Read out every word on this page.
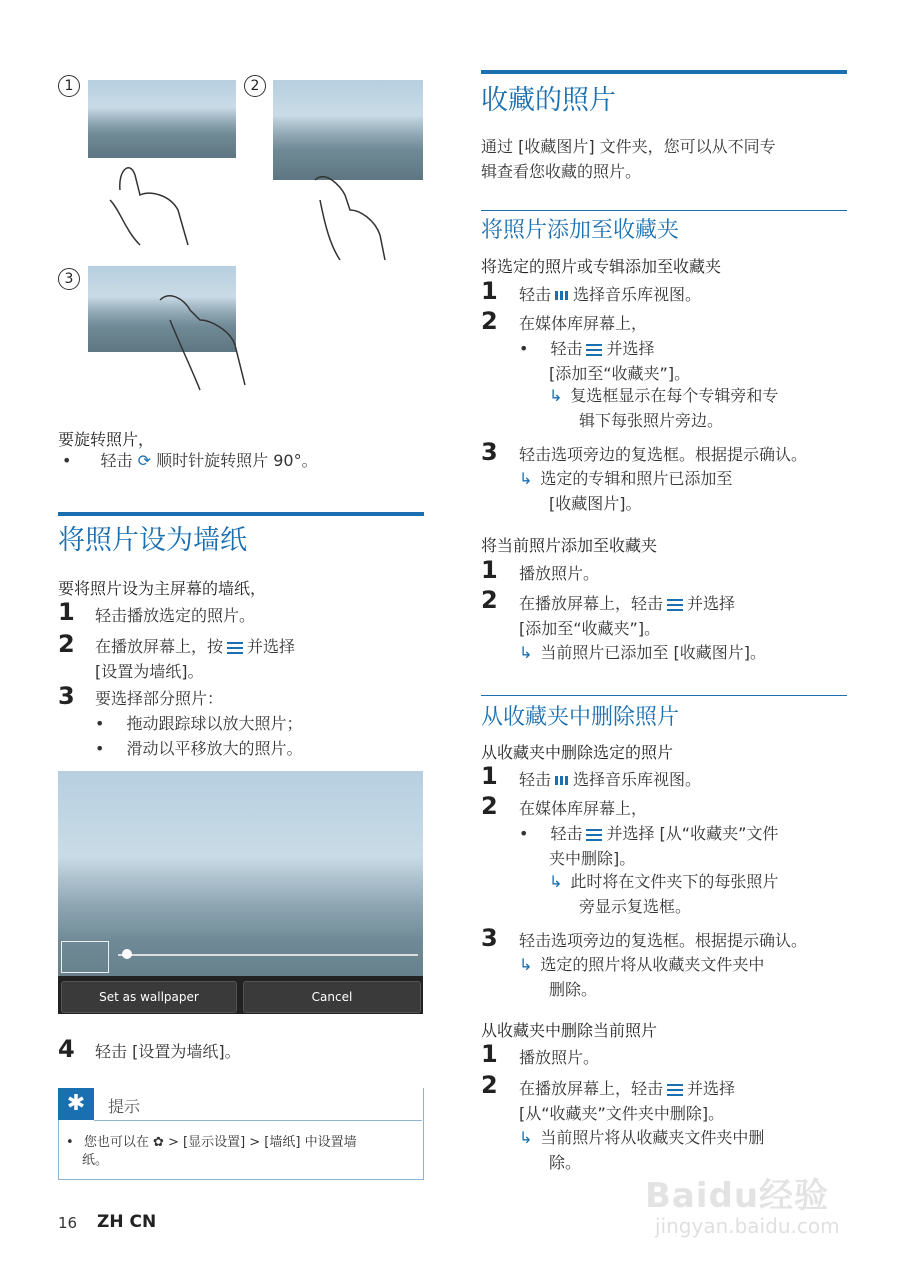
1	2
3
要旋转照片，
• 轻击 ⟳ 顺时针旋转照片 90°。
将照片设为墙纸
要将照片设为主屏幕的墙纸，
1 轻击播放选定的照片。
2 在播放屏幕上，按 并选择
[设置为墙纸]。
3 要选择部分照片：
• 拖动跟踪球以放大照片；
• 滑动以平移放大的照片。
Set as wallpaper	Cancel
4 轻击 [设置为墙纸]。
✱	提示
• 您也可以在 ✿ > [显示设置] > [墙纸] 中设置墙
纸。
16 ZH CN
收藏的照片
通过 [收藏图片] 文件夹，您可以从不同专
辑查看您收藏的照片。
将照片添加至收藏夹
将选定的照片或专辑添加至收藏夹
1 轻击 选择音乐库视图。
2 在媒体库屏幕上，
• 轻击 并选择
[添加至“收藏夹”]。
↳ 复选框显示在每个专辑旁和专
辑下每张照片旁边。
3 轻击选项旁边的复选框。根据提示确认。
↳ 选定的专辑和照片已添加至
[收藏图片]。
将当前照片添加至收藏夹
1 播放照片。
2 在播放屏幕上，轻击 并选择
[添加至“收藏夹”]。
↳ 当前照片已添加至 [收藏图片]。
从收藏夹中删除照片
从收藏夹中删除选定的照片
1 轻击 选择音乐库视图。
2 在媒体库屏幕上，
• 轻击 并选择 [从“收藏夹”文件
夹中删除]。
↳ 此时将在文件夹下的每张照片
旁显示复选框。
3 轻击选项旁边的复选框。根据提示确认。
↳ 选定的照片将从收藏夹文件夹中
删除。
从收藏夹中删除当前照片
1 播放照片。
2 在播放屏幕上，轻击 并选择
[从“收藏夹”文件夹中删除]。
↳ 当前照片将从收藏夹文件夹中删
除。
Baidu经验
jingyan.baidu.com
